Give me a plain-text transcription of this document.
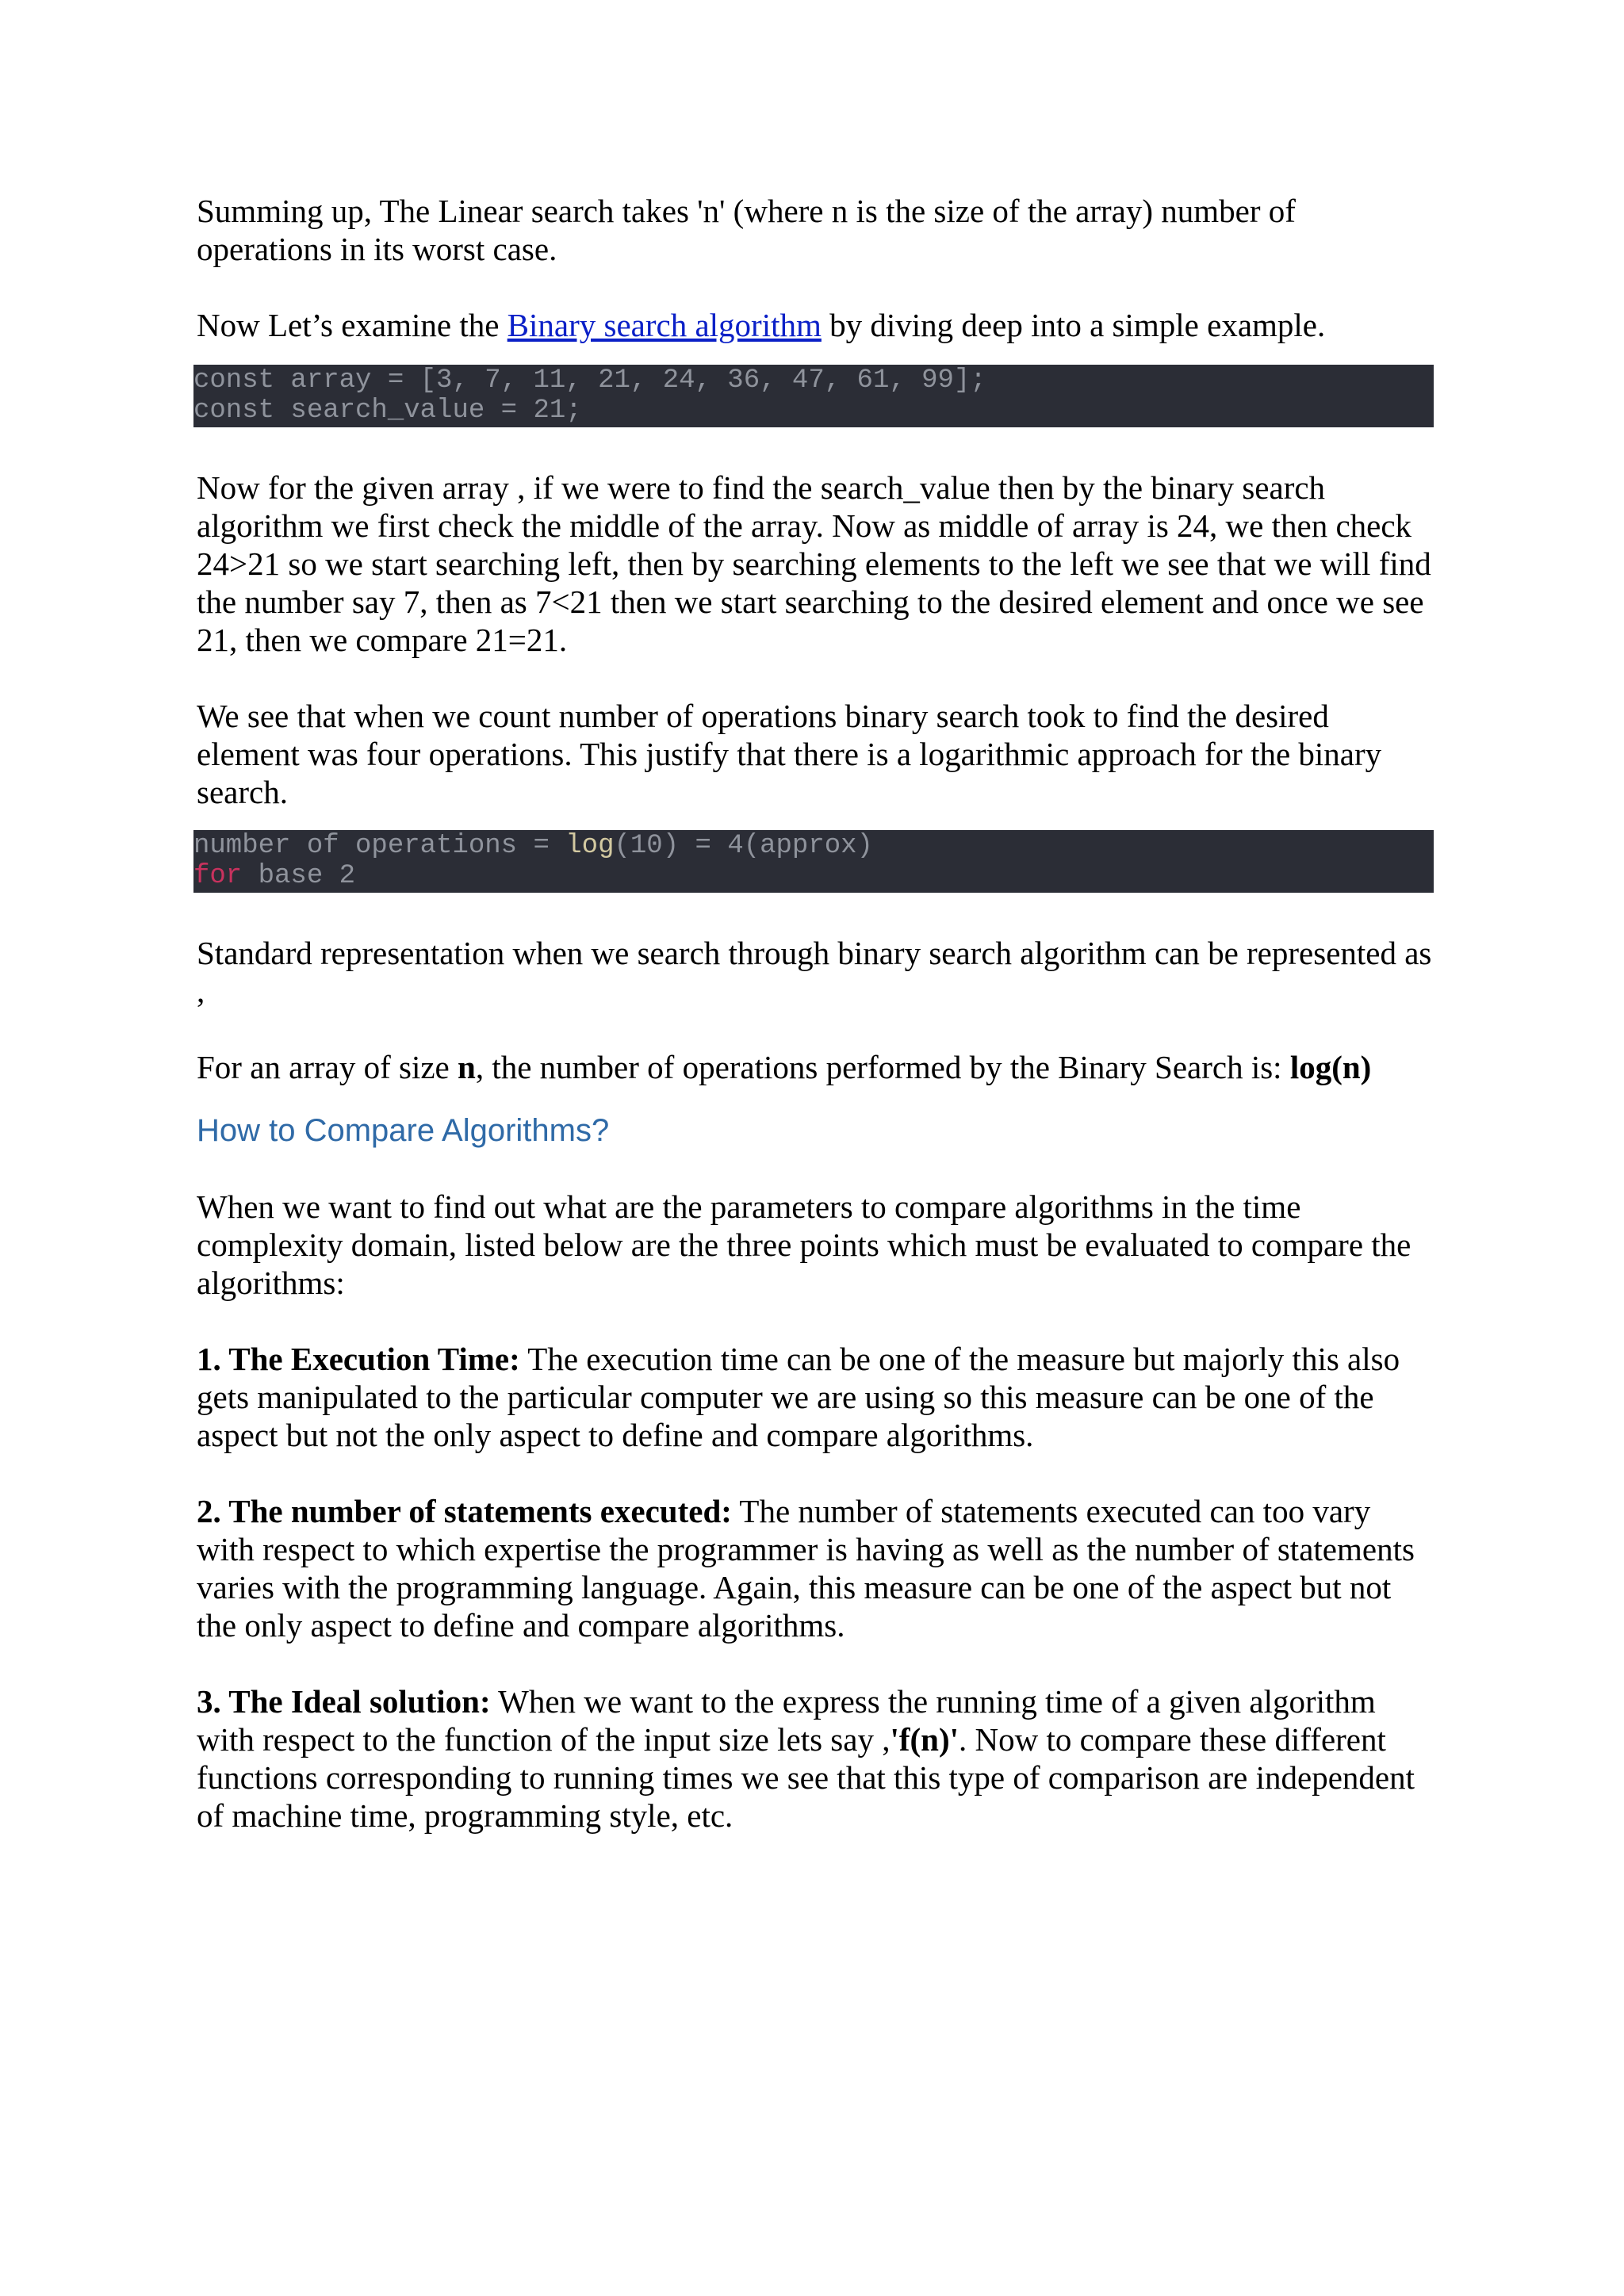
Summing up, The Linear search takes 'n' (where n is the size of the array) number of operations in its worst case.

Now Let’s examine the Binary search algorithm by diving deep into a simple example.

const array = [3, 7, 11, 21, 24, 36, 47, 61, 99];
const search_value = 21;

Now for the given array , if we were to find the search_value then by the binary search algorithm we first check the middle of the array. Now as middle of array is 24, we then check 24>21 so we start searching left, then by searching elements to the left we see that we will find the number say 7, then as 7<21 then we start searching to the desired element and once we see 21, then we compare 21=21.

We see that when we count number of operations binary search took to find the desired element was four operations. This justify that there is a logarithmic approach for the binary search.

number of operations = log(10) = 4(approx)
for base 2

Standard representation when we search through binary search algorithm can be represented as ,

For an array of size n, the number of operations performed by the Binary Search is: log(n)

How to Compare Algorithms?

When we want to find out what are the parameters to compare algorithms in the time complexity domain, listed below are the three points which must be evaluated to compare the algorithms:

1. The Execution Time: The execution time can be one of the measure but majorly this also gets manipulated to the particular computer we are using so this measure can be one of the aspect but not the only aspect to define and compare algorithms.

2. The number of statements executed: The number of statements executed can too vary with respect to which expertise the programmer is having as well as the number of statements varies with the programming language. Again, this measure can be one of the aspect but not the only aspect to define and compare algorithms.

3. The Ideal solution: When we want to the express the running time of a given algorithm with respect to the function of the input size lets say ,'f(n)'. Now to compare these different functions corresponding to running times we see that this type of comparison are independent of machine time, programming style, etc.
